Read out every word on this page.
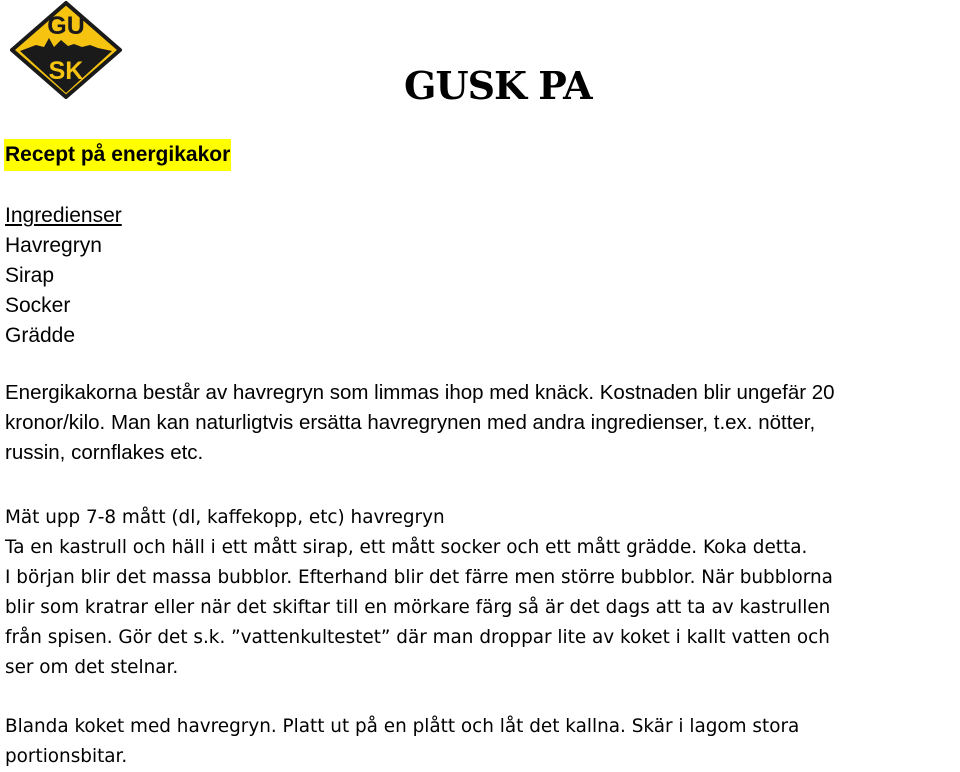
GU
SK	GUSK PA
Recept på energikakor
Ingredienser
Havregryn
Sirap
Socker
Grädde
Energikakorna består av havregryn som limmas ihop med knäck. Kostnaden blir ungefär 20
kronor/kilo. Man kan naturligtvis ersätta havregrynen med andra ingredienser, t.ex. nötter,
russin, cornflakes etc.
Mät upp 7-8 mått (dl, kaffekopp, etc) havregryn
Ta en kastrull och häll i ett mått sirap, ett mått socker och ett mått grädde. Koka detta.
I början blir det massa bubblor. Efterhand blir det färre men större bubblor. När bubblorna
blir som kratrar eller när det skiftar till en mörkare färg så är det dags att ta av kastrullen
från spisen. Gör det s.k. ”vattenkultestet” där man droppar lite av koket i kallt vatten och
ser om det stelnar.
Blanda koket med havregryn. Platt ut på en plått och låt det kallna. Skär i lagom stora
portionsbitar.
